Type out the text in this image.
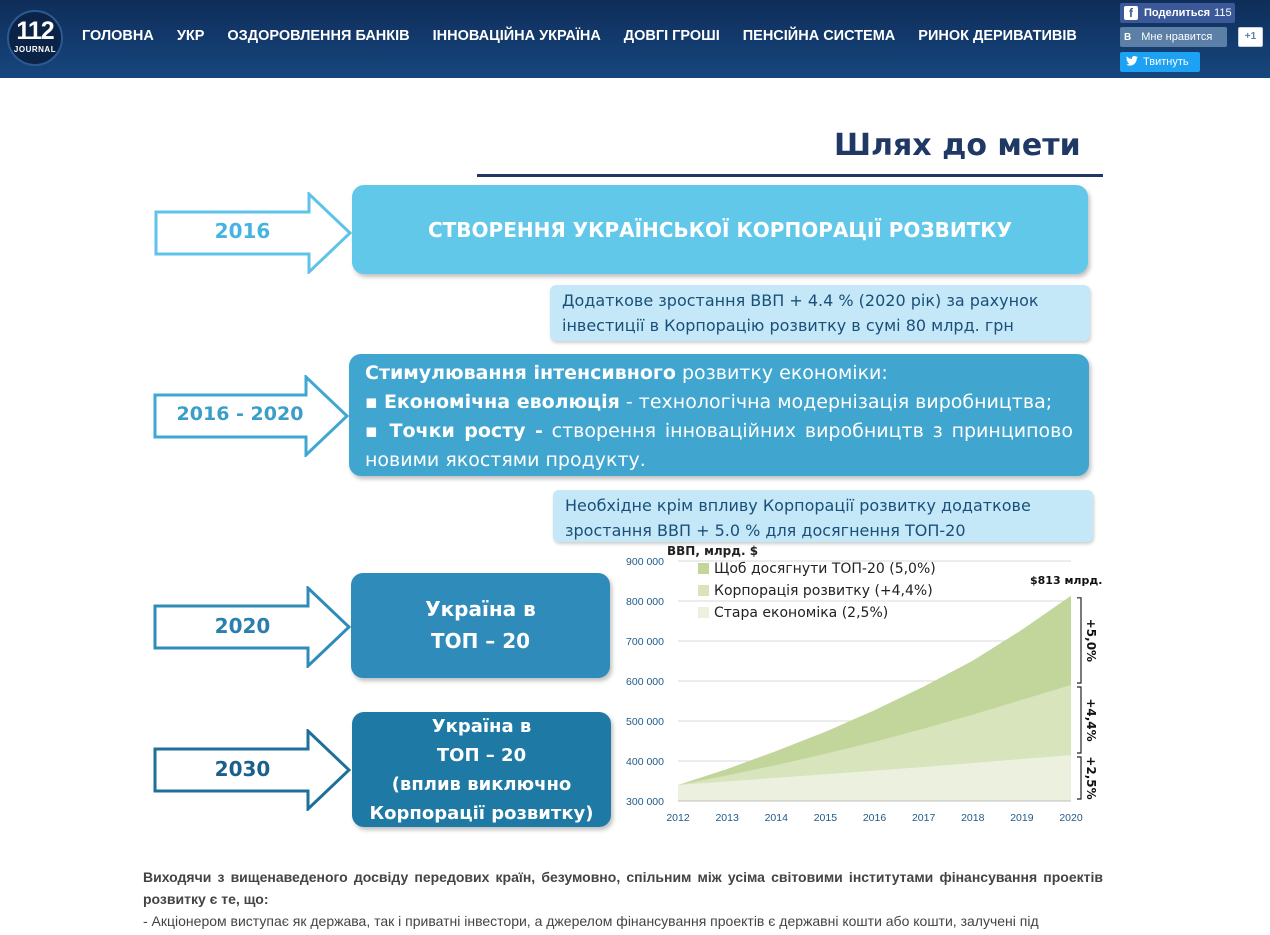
112
JOURNAL
ГОЛОВНА УКР ОЗДОРОВЛЕННЯ БАНКІВ ІННОВАЦІЙНА УКРАЇНА ДОВГІ ГРОШІ ПЕНСІЙНА СИСТЕМА РИНОК ДЕРИВАТИВІВ
f	Поделиться 115
B Мне нравится	+1
Твитнуть
Шлях до мети
2016
2016 - 2020
2020
2030
СТВОРЕННЯ УКРАЇНСЬКОЇ КОРПОРАЦІЇ РОЗВИТКУ
Додаткове зростання ВВП + 4.4 % (2020 рік) за рахунок інвестиції в Корпорацію розвитку в сумі 80 млрд. грн
Стимулювання інтенсивного розвитку економіки:
▪ Економічна еволюція - технологічна модернізація виробництва;
▪ Точки росту - створення інноваційних виробництв з принципово новими якостями продукту.
Необхідне крім впливу Корпорації розвитку додаткове зростання ВВП + 5.0 % для досягнення ТОП-20
Україна в
ТОП – 20
Україна в
ТОП – 20
(вплив виключно
Корпорації розвитку)
ВВП, млрд. $
300 000
400 000
500 000
600 000
700 000
800 000
900 000
2012 2013 2014 2015 2016 2017 2018 2019 2020
Щоб досягнути ТОП-20 (5,0%)
Корпорація розвитку (+4,4%)
Стара економіка (2,5%)
$813 млрд.
+5,0%
+4,4%
+2,5%
Виходячи з вищенаведеного досвіду передових країн, безумовно, спільним між усіма світовими інститутами фінансування проектів розвитку є те, що:
- Акціонером виступає як держава, так і приватні інвестори, а джерелом фінансування проектів є державні кошти або кошти, залучені під
